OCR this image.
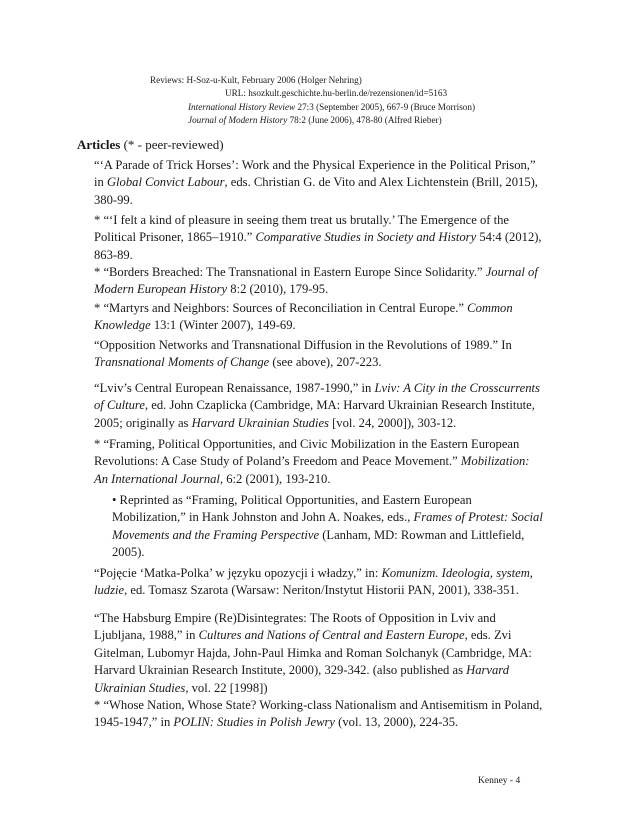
Reviews: H-Soz-u-Kult, February 2006 (Holger Nehring)
URL: hsozkult.geschichte.hu-berlin.de/rezensionen/id=5163
International History Review 27:3 (September 2005), 667-9 (Bruce Morrison)
Journal of Modern History 78:2 (June 2006), 478-80 (Alfred Rieber)
Articles (* - peer-reviewed)
“‘A Parade of Trick Horses’: Work and the Physical Experience in the Political Prison,” in Global Convict Labour, eds. Christian G. de Vito and Alex Lichtenstein (Brill, 2015), 380-99.
* “‘I felt a kind of pleasure in seeing them treat us brutally.’ The Emergence of the Political Prisoner, 1865–1910.” Comparative Studies in Society and History 54:4 (2012), 863-89.
* “Borders Breached: The Transnational in Eastern Europe Since Solidarity.” Journal of Modern European History 8:2 (2010), 179-95.
* “Martyrs and Neighbors: Sources of Reconciliation in Central Europe.” Common Knowledge 13:1 (Winter 2007), 149-69.
“Opposition Networks and Transnational Diffusion in the Revolutions of 1989.” In Transnational Moments of Change (see above), 207-223.
“Lviv’s Central European Renaissance, 1987-1990,” in Lviv: A City in the Crosscurrents of Culture, ed. John Czaplicka (Cambridge, MA: Harvard Ukrainian Research Institute, 2005; originally as Harvard Ukrainian Studies [vol. 24, 2000]), 303-12.
* “Framing, Political Opportunities, and Civic Mobilization in the Eastern European Revolutions: A Case Study of Poland’s Freedom and Peace Movement.” Mobilization: An International Journal, 6:2 (2001), 193-210.
• Reprinted as “Framing, Political Opportunities, and Eastern European Mobilization,” in Hank Johnston and John A. Noakes, eds., Frames of Protest: Social Movements and the Framing Perspective (Lanham, MD: Rowman and Littlefield, 2005).
“Pojęcie ‘Matka-Polka’ w języku opozycji i władzy,” in: Komunizm. Ideologia, system, ludzie, ed. Tomasz Szarota (Warsaw: Neriton/Instytut Historii PAN, 2001), 338-351.
“The Habsburg Empire (Re)Disintegrates: The Roots of Opposition in Lviv and Ljubljana, 1988,” in Cultures and Nations of Central and Eastern Europe, eds. Zvi Gitelman, Lubomyr Hajda, John-Paul Himka and Roman Solchanyk (Cambridge, MA: Harvard Ukrainian Research Institute, 2000), 329-342. (also published as Harvard Ukrainian Studies, vol. 22 [1998])
* “Whose Nation, Whose State? Working-class Nationalism and Antisemitism in Poland, 1945-1947,” in POLIN: Studies in Polish Jewry (vol. 13, 2000), 224-35.
Kenney - 4
